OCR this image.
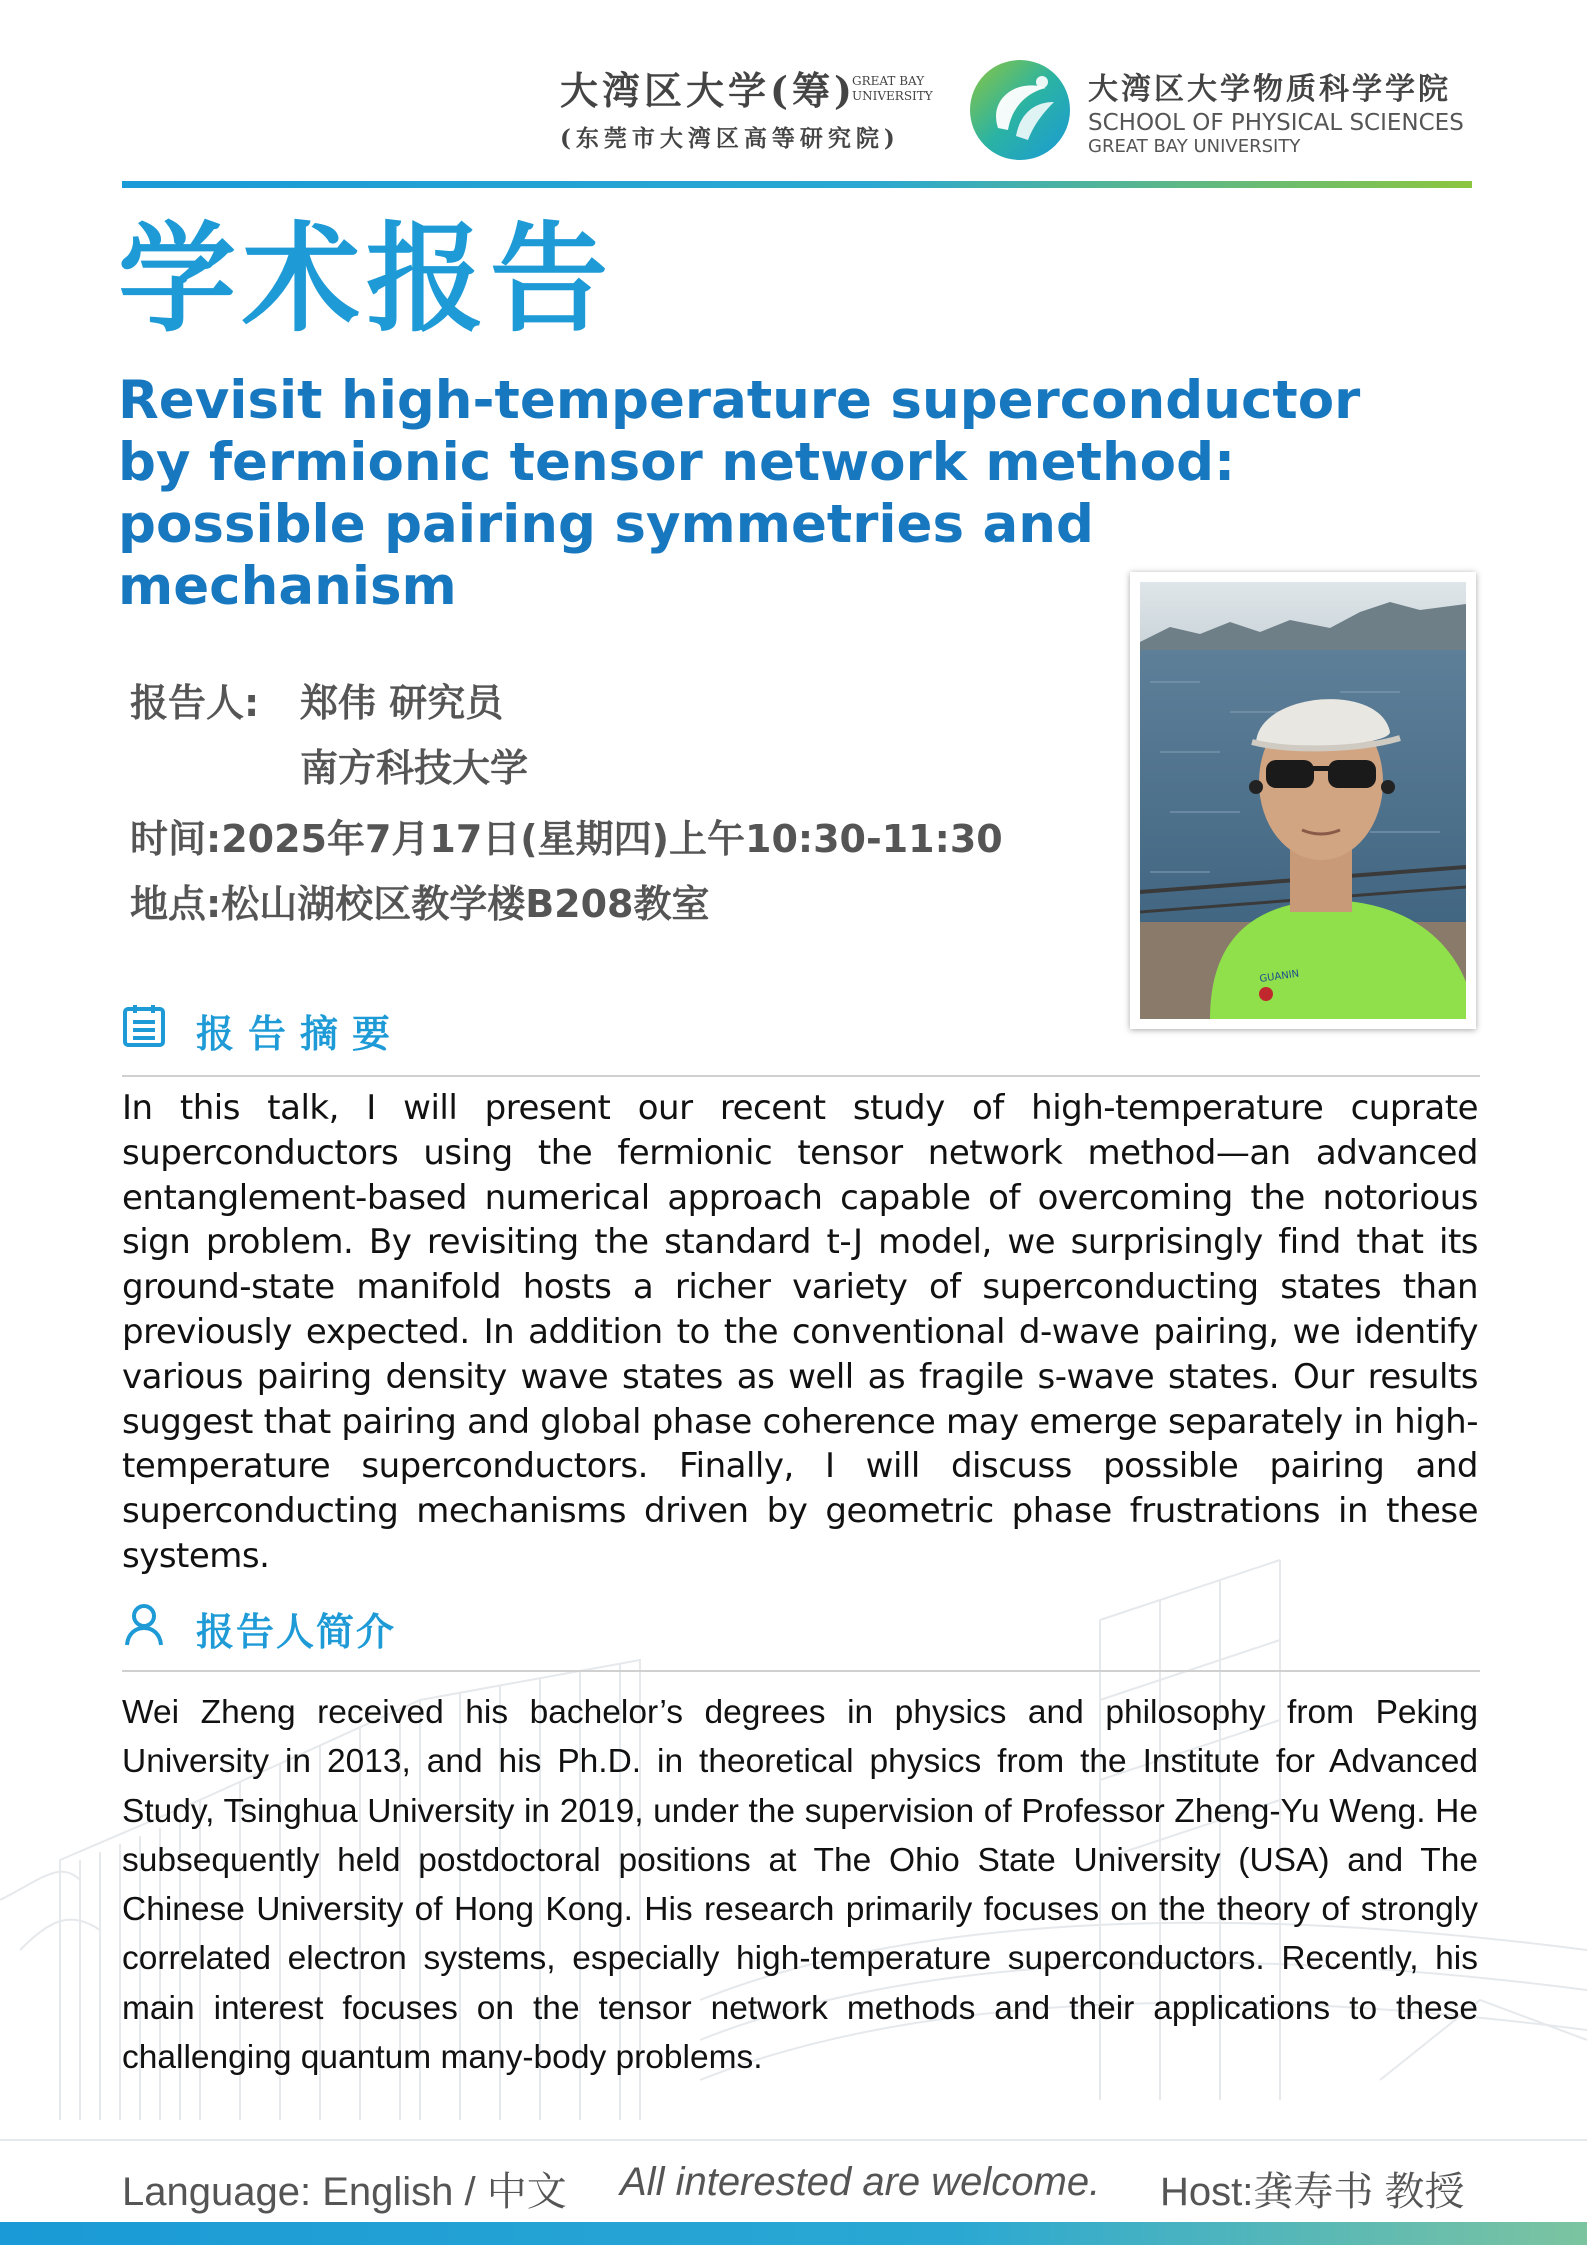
大湾区大学(筹)
GREAT BAY
UNIVERSITY
(东莞市大湾区高等研究院)
大湾区大学物质科学学院
SCHOOL OF PHYSICAL SCIENCES
GREAT BAY UNIVERSITY
学术报告
Revisit high-temperature superconductor by fermionic tensor network method: possible pairing symmetries and mechanism
GUANIN
报告人: 郑伟 研究员
南方科技大学
时间:2025年7月17日(星期四)上午10:30-11:30
地点:松山湖校区教学楼B208教室
报告摘要
In this talk, I will present our recent study of high-temperature cuprate superconductors using the fermionic tensor network method—an advanced entanglement-based numerical approach capable of overcoming the notorious sign problem. By revisiting the standard t-J model, we surprisingly find that its ground-state manifold hosts a richer variety of superconducting states than previously expected. In addition to the conventional d-wave pairing, we identify various pairing density wave states as well as fragile s-wave states. Our results suggest that pairing and global phase coherence may emerge separately in high-temperature superconductors. Finally, I will discuss possible pairing and superconducting mechanisms driven by geometric phase frustrations in these systems.
报告人简介
Wei Zheng received his bachelor’s degrees in physics and philosophy from Peking University in 2013, and his Ph.D. in theoretical physics from the Institute for Advanced Study, Tsinghua University in 2019, under the supervision of Professor Zheng-Yu Weng. He subsequently held postdoctoral positions at The Ohio State University (USA) and The Chinese University of Hong Kong. His research primarily focuses on the theory of strongly correlated electron systems, especially high-temperature superconductors. Recently, his main interest focuses on the tensor network methods and their applications to these challenging quantum many-body problems.
Language: English / 中文 All interested are welcome. Host:龚寿书 教授
